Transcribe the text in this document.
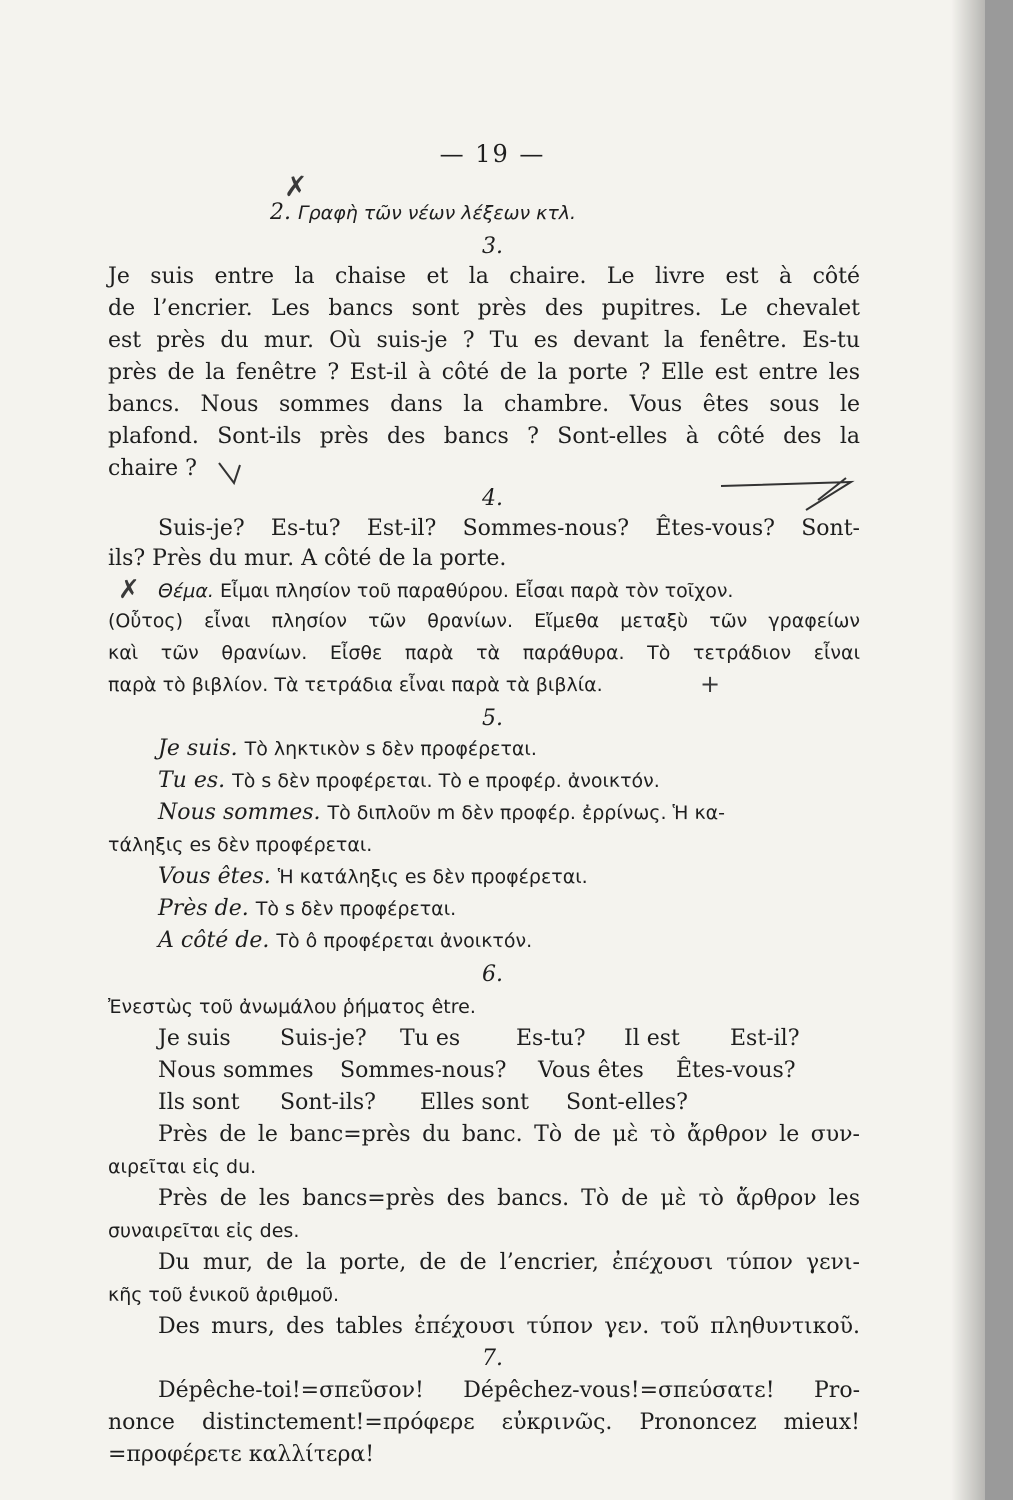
— 19 —
2. Γραφὴ τῶν νέων λέξεων κτλ.
3.
Je suis entre la chaise et la chaire. Le livre est à côté
de l’encrier. Les bancs sont près des pupitres. Le chevalet
est près du mur. Où suis-je ? Tu es devant la fenêtre. Es-tu
près de la fenêtre ? Est-il à côté de la porte ? Elle est entre les
bancs. Nous sommes dans la chambre. Vous êtes sous le
plafond. Sont-ils près des bancs ? Sont-elles à côté des la
chaire ?
4.
Suis-je? Es-tu? Est-il? Sommes-nous? Êtes-vous? Sont-
ils? Près du mur. A côté de la porte.
Θέμα. Εἶμαι πλησίον τοῦ παραθύρου. Εἶσαι παρὰ τὸν τοῖχον.
(Οὗτος) εἶναι πλησίον τῶν θρανίων. Εἴμεθα μεταξὺ τῶν γραφείων
καὶ τῶν θρανίων. Εἶσθε παρὰ τὰ παράθυρα. Τὸ τετράδιον εἶναι
παρὰ τὸ βιβλίον. Τὰ τετράδια εἶναι παρὰ τὰ βιβλία.
5.
Je suis. Τὸ ληκτικὸν s δὲν προφέρεται.
Tu es. Τὸ s δὲν προφέρεται. Τὸ e προφέρ. ἀνοικτόν.
Nous sommes. Τὸ διπλοῦν m δὲν προφέρ. ἐρρίνως. Ἡ κα-
τάληξις es δὲν προφέρεται.
Vous êtes. Ἡ κατάληξις es δὲν προφέρεται.
Près de. Τὸ s δὲν προφέρεται.
A côté de. Τὸ ô προφέρεται ἀνοικτόν.
6.
Ἐνεστὼς τοῦ ἀνωμάλου ῥήματος être.
Je suis Suis-je? Tu es	Es-tu? Il est Est-il?
Nous sommes Sommes-nous? Vous êtes Êtes-vous?
Ils sont Sont-ils? Elles sont Sont-elles?
Près de le banc=près du banc. Τὸ de μὲ τὸ ἄρθρον le συν-
αιρεῖται εἰς du.
Près de les bancs=près des bancs. Τὸ de μὲ τὸ ἄρθρον les
συναιρεῖται εἰς des.
Du mur, de la porte, de de l’encrier, ἐπέχουσι τύπον γενι-
κῆς τοῦ ἑνικοῦ ἀριθμοῦ.
Des murs, des tables ἐπέχουσι τύπον γεν. τοῦ πληθυντικοῦ.
7.
Dépêche-toi!=σπεῦσον! Dépêchez-vous!=σπεύσατε! Pro-
nonce distinctement!=πρόφερε εὐκρινῶς. Prononcez mieux!
=προφέρετε καλλίτερα!
✗
✗
+
